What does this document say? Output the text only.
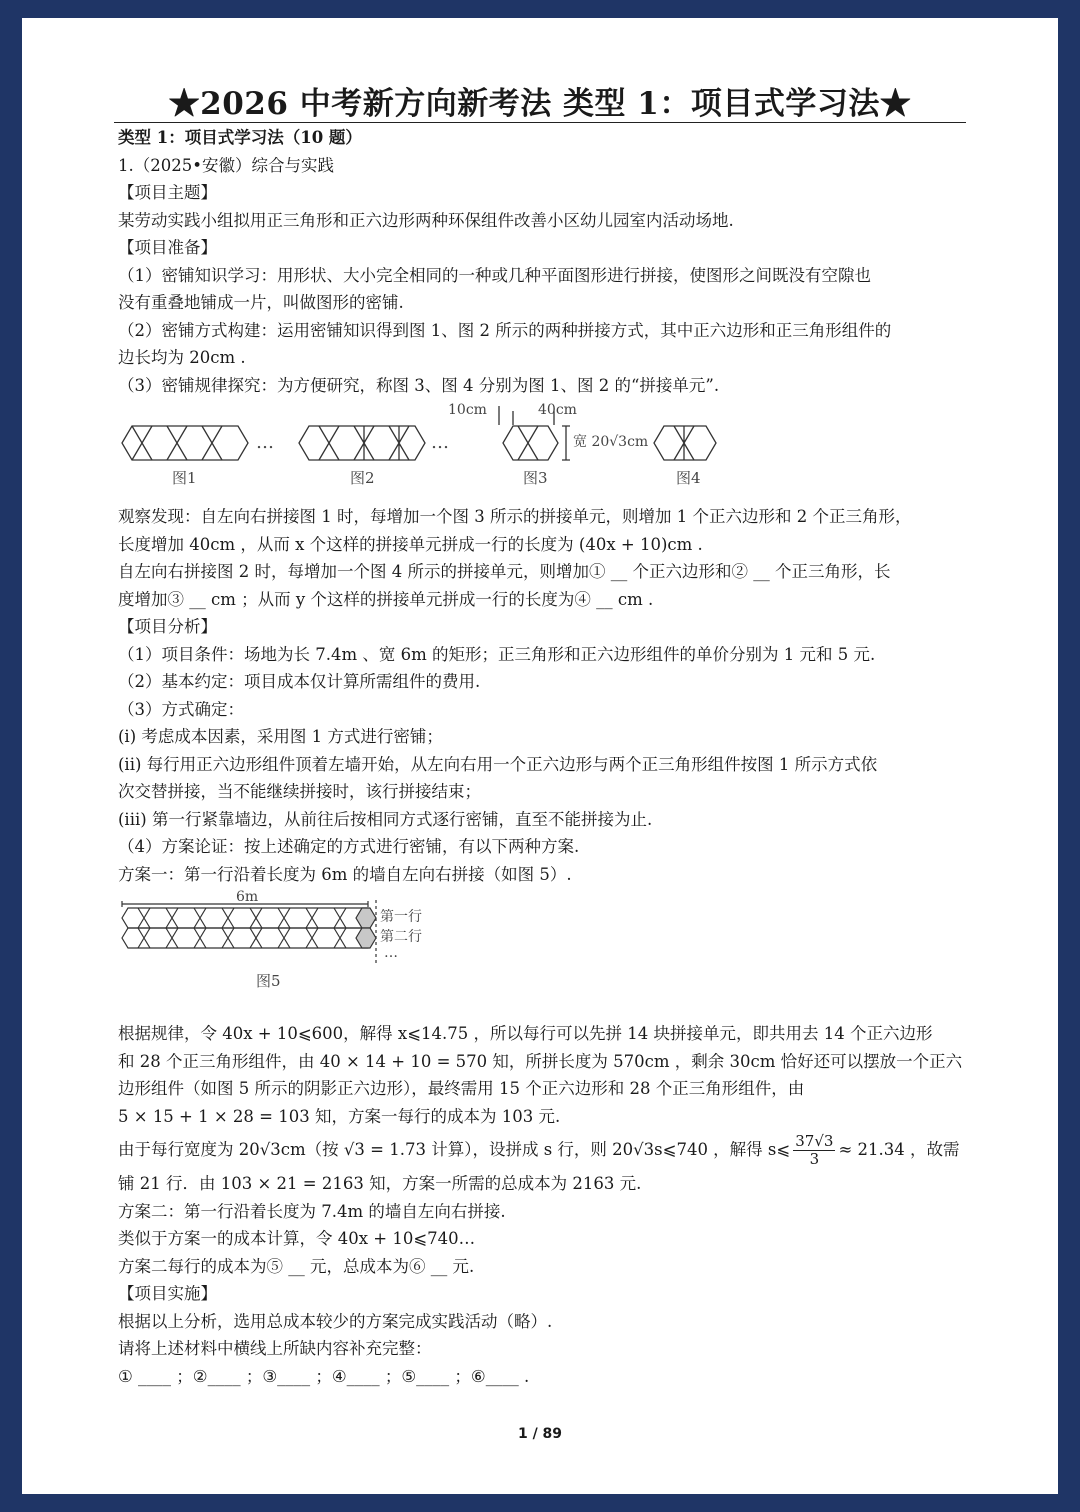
★2026 中考新方向新考法 类型 1：项目式学习法★

类型 1：项目式学习法（10 题）

1.（2025•安徽）综合与实践

【项目主题】

某劳动实践小组拟用正三角形和正六边形两种环保组件改善小区幼儿园室内活动场地.

【项目准备】

（1）密铺知识学习：用形状、大小完全相同的一种或几种平面图形进行拼接，使图形之间既没有空隙也

没有重叠地铺成一片，叫做图形的密铺.

（2）密铺方式构建：运用密铺知识得到图 1、图 2 所示的两种拼接方式，其中正六边形和正三角形组件的

边长均为 20cm .

（3）密铺规律探究：为方便研究，称图 3、图 4 分别为图 1、图 2 的“拼接单元”.

…	…
10cm	40cm
宽 20√3cm
图1	图2	图3	图4

观察发现：自左向右拼接图 1 时，每增加一个图 3 所示的拼接单元，则增加 1 个正六边形和 2 个正三角形，

长度增加 40cm ，从而 x 个这样的拼接单元拼成一行的长度为 (40x + 10)cm .

自左向右拼接图 2 时，每增加一个图 4 所示的拼接单元，则增加① __ 个正六边形和② __ 个正三角形，长

度增加③ __ cm ；从而 y 个这样的拼接单元拼成一行的长度为④ __ cm .

【项目分析】

（1）项目条件：场地为长 7.4m 、宽 6m 的矩形；正三角形和正六边形组件的单价分别为 1 元和 5 元.

（2）基本约定：项目成本仅计算所需组件的费用.

（3）方式确定：

(i) 考虑成本因素，采用图 1 方式进行密铺；

(ii) 每行用正六边形组件顶着左墙开始，从左向右用一个正六边形与两个正三角形组件按图 1 所示方式依

次交替拼接，当不能继续拼接时，该行拼接结束；

(iii) 第一行紧靠墙边，从前往后按相同方式逐行密铺，直至不能拼接为止.

（4）方案论证：按上述确定的方式进行密铺，有以下两种方案.

方案一：第一行沿着长度为 6m 的墙自左向右拼接（如图 5）.

6m
第一行
第二行
…
图5

根据规律，令 40x + 10⩽600，解得 x⩽14.75 ，所以每行可以先拼 14 块拼接单元，即共用去 14 个正六边形

和 28 个正三角形组件，由 40 × 14 + 10 = 570 知，所拼长度为 570cm ，剩余 30cm 恰好还可以摆放一个正六

边形组件（如图 5 所示的阴影正六边形），最终需用 15 个正六边形和 28 个正三角形组件，由

5 × 15 + 1 × 28 = 103 知，方案一每行的成本为 103 元.

由于每行宽度为 20√3cm（按 √3 = 1.73 计算），设拼成 s 行，则 20√3s⩽740 ，解得 s⩽ $\frac{37√3}{3} \approx 21.34$ ，故需

铺 21 行．由 103 × 21 = 2163 知，方案一所需的总成本为 2163 元.

方案二：第一行沿着长度为 7.4m 的墙自左向右拼接.

类似于方案一的成本计算，令 40x + 10⩽740…

方案二每行的成本为⑤ __ 元，总成本为⑥ __ 元.

【项目实施】

根据以上分析，选用总成本较少的方案完成实践活动（略）.

请将上述材料中横线上所缺内容补充完整：

① ____ ；②____ ；③____ ；④____ ；⑤____ ；⑥____ .

1 / 89
